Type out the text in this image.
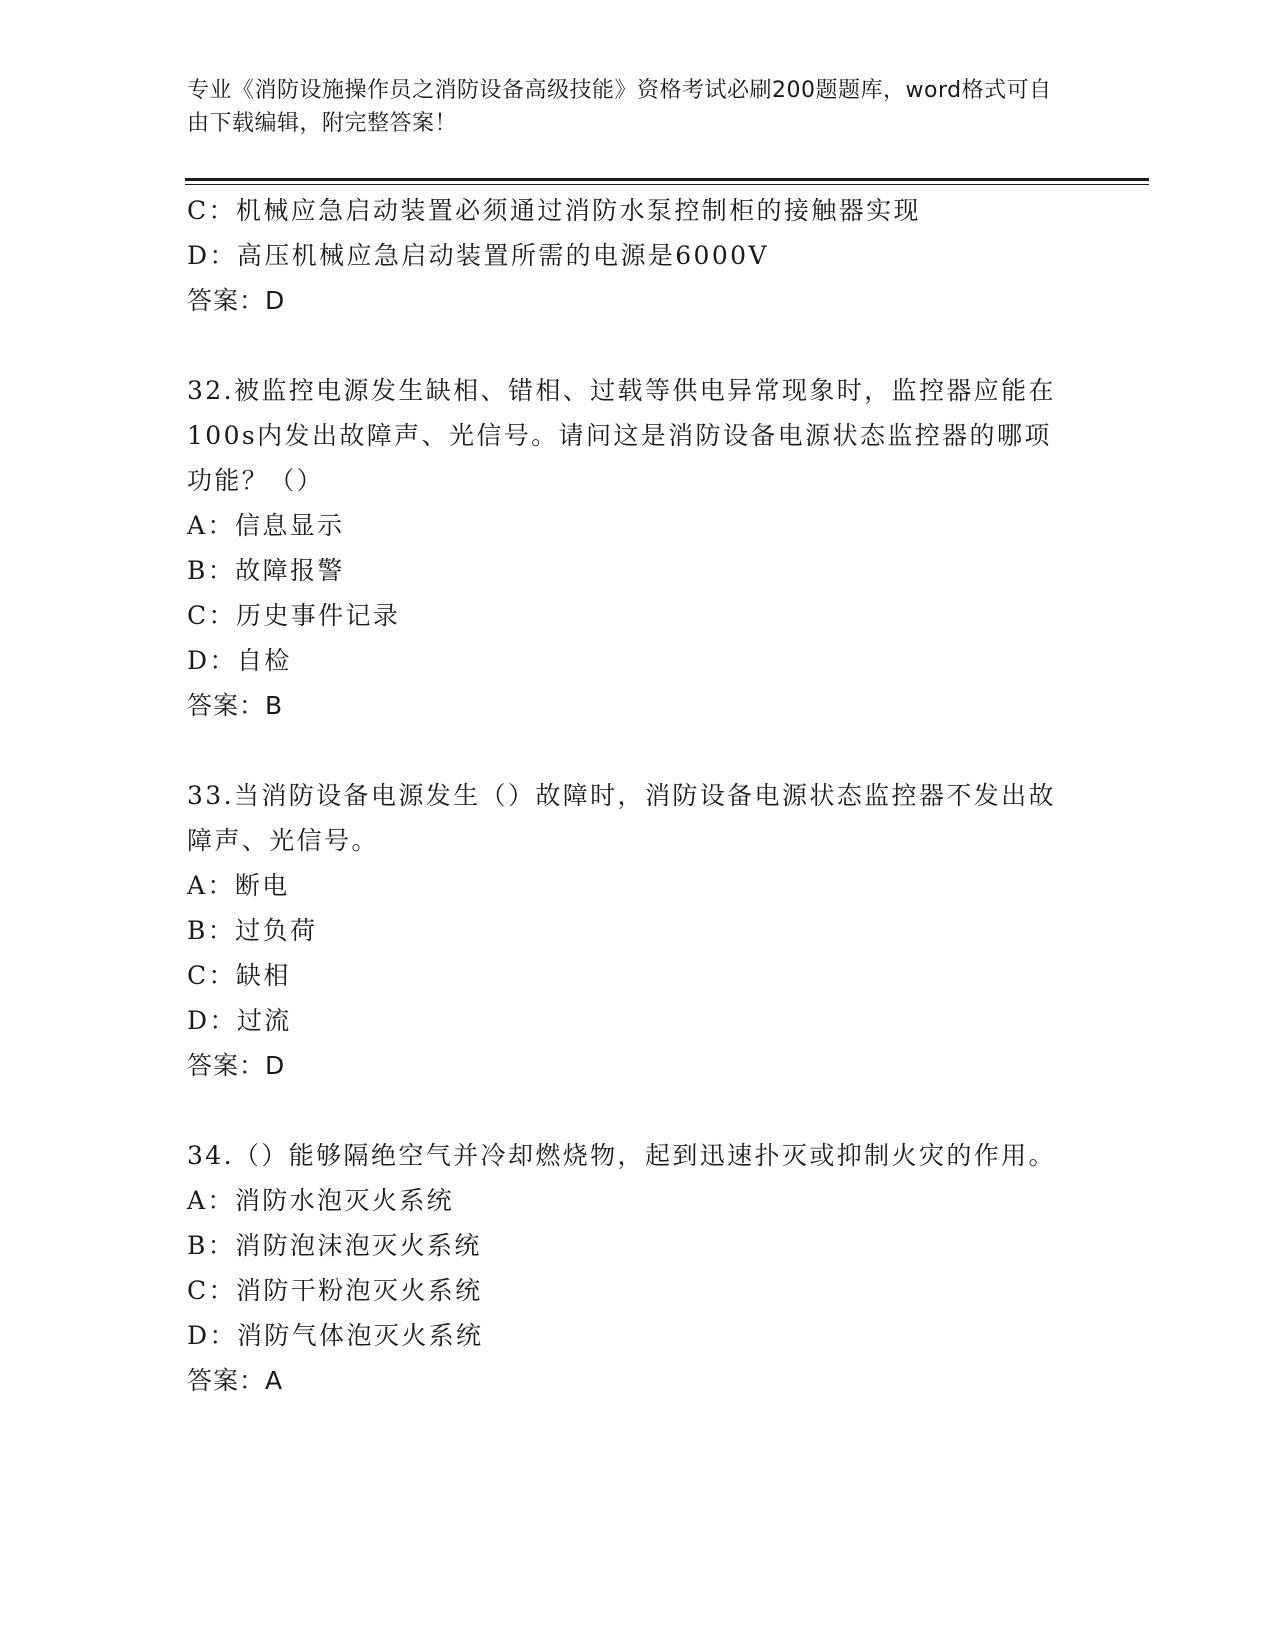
专业《消防设施操作员之消防设备高级技能》资格考试必刷200题题库，word格式可自由下载编辑，附完整答案！
C：机械应急启动装置必须通过消防水泵控制柜的接触器实现
D：高压机械应急启动装置所需的电源是6000V
答案：D
32.被监控电源发生缺相、错相、过载等供电异常现象时，监控器应能在100s内发出故障声、光信号。请问这是消防设备电源状态监控器的哪项功能？（）
A：信息显示
B：故障报警
C：历史事件记录
D：自检
答案：B
33.当消防设备电源发生（）故障时，消防设备电源状态监控器不发出故障声、光信号。
A：断电
B：过负荷
C：缺相
D：过流
答案：D
34.（）能够隔绝空气并冷却燃烧物，起到迅速扑灭或抑制火灾的作用。
A：消防水泡灭火系统
B：消防泡沫泡灭火系统
C：消防干粉泡灭火系统
D：消防气体泡灭火系统
答案：A
